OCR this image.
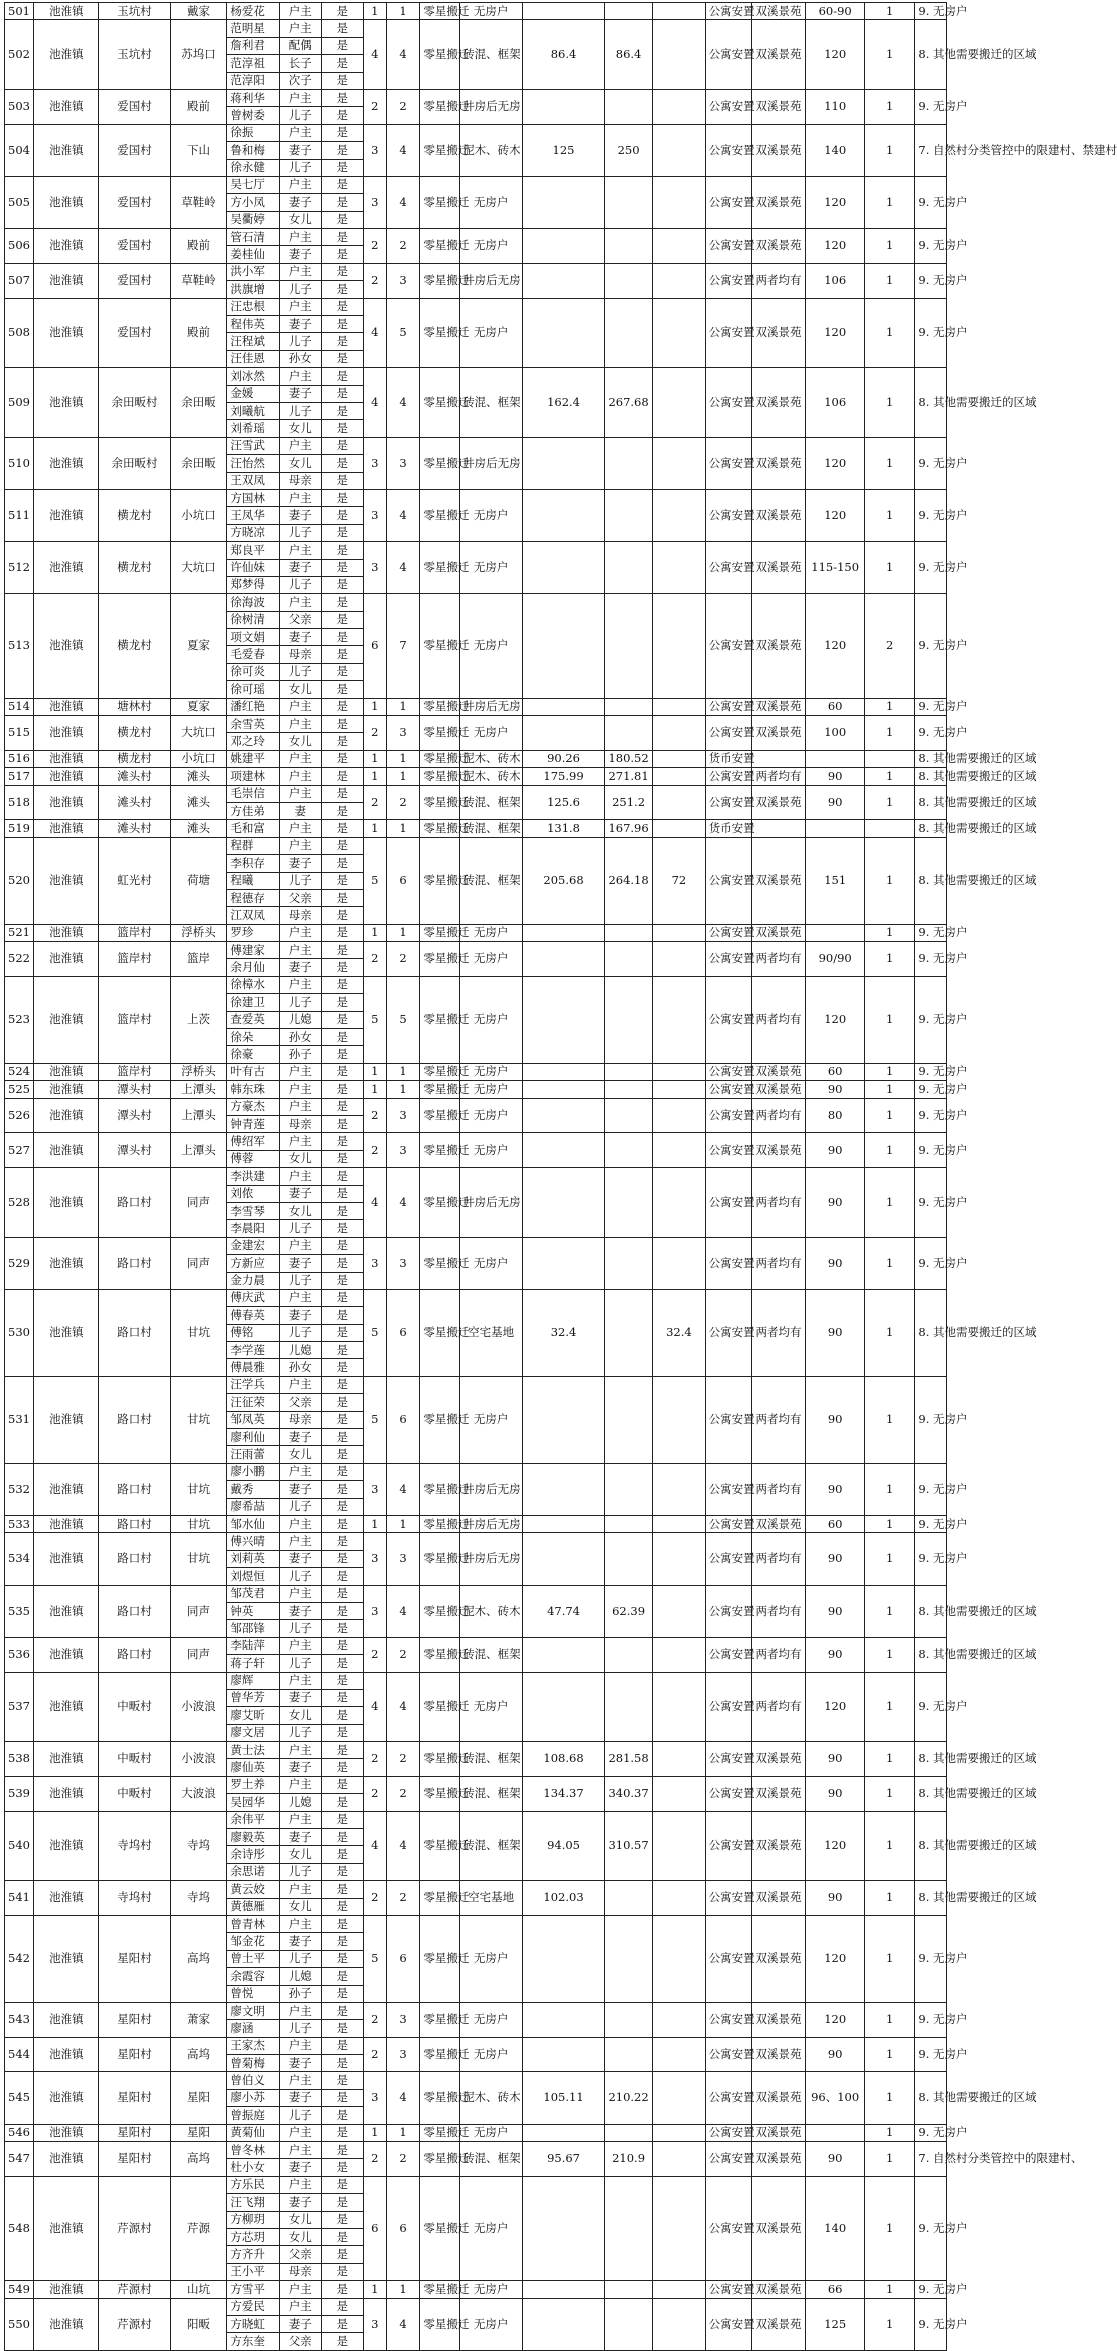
501	池淮镇	玉坑村	戴家	杨爱花	户主	是	1	1	零星搬迁	无房户				公寓安置	双溪景苑	60-90	1	9. 无房户
502	池淮镇	玉坑村	苏坞口	范明星	户主	是	4	4	零星搬迁	砖混、框架	86.4	86.4		公寓安置	双溪景苑	120	1	8. 其他需要搬迁的区域
				詹利君	配偶	是												
				范淳祖	长子	是												
				范淳阳	次子	是												
503	池淮镇	爱国村	殿前	蒋利华	户主	是	2	2	零星搬迁	井房后无房				公寓安置	双溪景苑	110	1	9. 无房户
				曾树委	儿子	是												
504	池淮镇	爱国村	下山	徐振	户主	是	3	4	零星搬迁	泥木、砖木	125	250		公寓安置	双溪景苑	140	1	7. 自然村分类管控中的限建村、禁建村
				鲁和梅	妻子	是												
				徐永健	儿子	是												
505	池淮镇	爱国村	草鞋岭	吴七厅	户主	是	3	4	零星搬迁	无房户				公寓安置	双溪景苑	120	1	9. 无房户
				方小凤	妻子	是												
				吴衢婷	女儿	是												
506	池淮镇	爱国村	殿前	管石清	户主	是	2	2	零星搬迁	无房户				公寓安置	双溪景苑	120	1	9. 无房户
				姜桂仙	妻子	是												
507	池淮镇	爱国村	草鞋岭	洪小军	户主	是	2	3	零星搬迁	井房后无房				公寓安置	两者均有	106	1	9. 无房户
				洪旗增	儿子	是												
508	池淮镇	爱国村	殿前	汪忠根	户主	是	4	5	零星搬迁	无房户				公寓安置	双溪景苑	120	1	9. 无房户
				程伟英	妻子	是												
				汪程斌	儿子	是												
				汪佳恩	孙女	是												
509	池淮镇	余田畈村	余田畈	刘冰然	户主	是	4	4	零星搬迁	砖混、框架	162.4	267.68		公寓安置	双溪景苑	106	1	8. 其他需要搬迁的区域
				金媛	妻子	是												
				刘曦航	儿子	是												
				刘希瑶	女儿	是												
510	池淮镇	余田畈村	余田畈	汪雪武	户主	是	3	3	零星搬迁	井房后无房				公寓安置	双溪景苑	120	1	9. 无房户
				汪怡然	女儿	是												
				王双凤	母亲	是												
511	池淮镇	横龙村	小坑口	方国林	户主	是	3	4	零星搬迁	无房户				公寓安置	双溪景苑	120	1	9. 无房户
				王凤华	妻子	是												
				方晓凉	儿子	是												
512	池淮镇	横龙村	大坑口	郑良平	户主	是	3	4	零星搬迁	无房户				公寓安置	双溪景苑	115-150	1	9. 无房户
				许仙妹	妻子	是												
				郑梦得	儿子	是												
513	池淮镇	横龙村	夏家	徐海波	户主	是	6	7	零星搬迁	无房户				公寓安置	双溪景苑	120	2	9. 无房户
				徐树清	父亲	是												
				项文娟	妻子	是												
				毛爱春	母亲	是												
				徐可炎	儿子	是												
				徐可瑶	女儿	是												
514	池淮镇	塘林村	夏家	潘红艳	户主	是	1	1	零星搬迁	井房后无房				公寓安置	双溪景苑	60	1	9. 无房户
515	池淮镇	横龙村	大坑口	余雪英	户主	是	2	3	零星搬迁	无房户				公寓安置	双溪景苑	100	1	9. 无房户
				邓之玲	女儿	是												
516	池淮镇	横龙村	小坑口	姚建平	户主	是	1	1	零星搬迁	泥木、砖木	90.26	180.52		货币安置				8. 其他需要搬迁的区域
517	池淮镇	滩头村	滩头	项建林	户主	是	1	1	零星搬迁	泥木、砖木	175.99	271.81		公寓安置	两者均有	90	1	8. 其他需要搬迁的区域
518	池淮镇	滩头村	滩头	毛崇信	户主	是	2	2	零星搬迁	砖混、框架	125.6	251.2		公寓安置	双溪景苑	90	1	8. 其他需要搬迁的区域
				方佳弟	妻	是												
519	池淮镇	滩头村	滩头	毛和富	户主	是	1	1	零星搬迁	砖混、框架	131.8	167.96		货币安置				8. 其他需要搬迁的区域
520	池淮镇	虹光村	荷塘	程群	户主	是	5	6	零星搬迁	砖混、框架	205.68	264.18	72	公寓安置	双溪景苑	151	1	8. 其他需要搬迁的区域
				李积存	妻子	是												
				程曦	儿子	是												
				程德存	父亲	是												
				江双凤	母亲	是												
521	池淮镇	篮岸村	浮桥头	罗珍	户主	是	1	1	零星搬迁	无房户				公寓安置	双溪景苑		1	9. 无房户
522	池淮镇	篮岸村	篮岸	傅建家	户主	是	2	2	零星搬迁	无房户				公寓安置	两者均有	90/90	1	9. 无房户
				余月仙	妻子	是												
523	池淮镇	篮岸村	上茨	徐樟水	户主	是	5	5	零星搬迁	无房户				公寓安置	两者均有	120	1	9. 无房户
				徐建卫	儿子	是												
				查爱英	儿媳	是												
				徐朵	孙女	是												
				徐豪	孙子	是												
524	池淮镇	篮岸村	浮桥头	叶有古	户主	是	1	1	零星搬迁	无房户				公寓安置	双溪景苑	60	1	9. 无房户
525	池淮镇	潭头村	上潭头	韩东珠	户主	是	1	1	零星搬迁	无房户				公寓安置	双溪景苑	90	1	9. 无房户
526	池淮镇	潭头村	上潭头	方豪杰	户主	是	2	3	零星搬迁	无房户				公寓安置	两者均有	80	1	9. 无房户
				钟青莲	母亲	是												
527	池淮镇	潭头村	上潭头	傅绍军	户主	是	2	3	零星搬迁	无房户				公寓安置	双溪景苑	90	1	9. 无房户
				傅蓉	女儿	是												
528	池淮镇	路口村	同声	李洪建	户主	是	4	4	零星搬迁	井房后无房				公寓安置	两者均有	90	1	9. 无房户
				刘侬	妻子	是												
				李雪琴	女儿	是												
				李晨阳	儿子	是												
529	池淮镇	路口村	同声	金建宏	户主	是	3	3	零星搬迁	无房户				公寓安置	两者均有	90	1	9. 无房户
				方新应	妻子	是												
				金力晨	儿子	是												
530	池淮镇	路口村	甘坑	傅庆武	户主	是	5	6	零星搬迁	空宅基地	32.4		32.4	公寓安置	两者均有	90	1	8. 其他需要搬迁的区域
				傅春英	妻子	是												
				傅铭	儿子	是												
				李学莲	儿媳	是												
				傅晨雅	孙女	是												
531	池淮镇	路口村	甘坑	汪学兵	户主	是	5	6	零星搬迁	无房户				公寓安置	两者均有	90	1	9. 无房户
				汪征荣	父亲	是												
				邹凤英	母亲	是												
				廖利仙	妻子	是												
				汪雨蕾	女儿	是												
532	池淮镇	路口村	甘坑	廖小鹏	户主	是	3	4	零星搬迁	井房后无房				公寓安置	两者均有	90	1	9. 无房户
				戴秀	妻子	是												
				廖希喆	儿子	是												
533	池淮镇	路口村	甘坑	邹水仙	户主	是	1	1	零星搬迁	井房后无房				公寓安置	双溪景苑	60	1	9. 无房户
534	池淮镇	路口村	甘坑	傅兴晴	户主	是	3	3	零星搬迁	井房后无房				公寓安置	两者均有	90	1	9. 无房户
				刘莉英	妻子	是												
				刘煜恒	儿子	是												
535	池淮镇	路口村	同声	邹茂君	户主	是	3	4	零星搬迁	泥木、砖木	47.74	62.39		公寓安置	两者均有	90	1	8. 其他需要搬迁的区域
				钟英	妻子	是												
				邹邵锋	儿子	是												
536	池淮镇	路口村	同声	李陆萍	户主	是	2	2	零星搬迁	砖混、框架				公寓安置	两者均有	90	1	8. 其他需要搬迁的区域
				蒋子轩	儿子	是												
537	池淮镇	中畈村	小波浪	廖辉	户主	是	4	4	零星搬迁	无房户				公寓安置	两者均有	120	1	9. 无房户
				曾华芳	妻子	是												
				廖艾昕	女儿	是												
				廖文居	儿子	是												
538	池淮镇	中畈村	小波浪	黄士法	户主	是	2	2	零星搬迁	砖混、框架	108.68	281.58		公寓安置	双溪景苑	90	1	8. 其他需要搬迁的区域
				廖仙英	妻子	是												
539	池淮镇	中畈村	大波浪	罗土养	户主	是	2	2	零星搬迁	砖混、框架	134.37	340.37		公寓安置	双溪景苑	90	1	8. 其他需要搬迁的区域
				吴园华	儿媳	是												
540	池淮镇	寺坞村	寺坞	余伟平	户主	是	4	4	零星搬迁	砖混、框架	94.05	310.57		公寓安置	双溪景苑	120	1	8. 其他需要搬迁的区域
				廖毅英	妻子	是												
				余诗彤	女儿	是												
				余思诺	儿子	是												
541	池淮镇	寺坞村	寺坞	黄云姣	户主	是	2	2	零星搬迁	空宅基地	102.03			公寓安置	双溪景苑	90	1	8. 其他需要搬迁的区域
				黄德雁	女儿	是												
542	池淮镇	星阳村	高坞	曾青林	户主	是	5	6	零星搬迁	无房户				公寓安置	双溪景苑	120	1	9. 无房户
				邹金花	妻子	是												
				曾土平	儿子	是												
				余霞容	儿媳	是												
				曾悦	孙子	是												
543	池淮镇	星阳村	萧家	廖文明	户主	是	2	3	零星搬迁	无房户				公寓安置	双溪景苑	120	1	9. 无房户
				廖涵	儿子	是												
544	池淮镇	星阳村	高坞	王家杰	户主	是	2	3	零星搬迁	无房户				公寓安置	双溪景苑	90	1	9. 无房户
				曾菊梅	妻子	是												
545	池淮镇	星阳村	星阳	曾伯义	户主	是	3	4	零星搬迁	泥木、砖木	105.11	210.22		公寓安置	双溪景苑	96、100	1	8. 其他需要搬迁的区域
				廖小苏	妻子	是												
				曾振庭	儿子	是												
546	池淮镇	星阳村	星阳	黄菊仙	户主	是	1	1	零星搬迁	无房户				公寓安置	双溪景苑		1	9. 无房户
547	池淮镇	星阳村	高坞	曾冬林	户主	是	2	2	零星搬迁	砖混、框架	95.67	210.9		公寓安置	双溪景苑	90	1	7. 自然村分类管控中的限建村、
				杜小女	妻子	是												
548	池淮镇	芹源村	芹源	方乐民	户主	是	6	6	零星搬迁	无房户				公寓安置	双溪景苑	140	1	9. 无房户
				汪飞翔	妻子	是												
				方柳玥	女儿	是												
				方芯玥	女儿	是												
				方齐升	父亲	是												
				王小平	母亲	是												
549	池淮镇	芹源村	山坑	方雪平	户主	是	1	1	零星搬迁	无房户				公寓安置	双溪景苑	66	1	9. 无房户
550	池淮镇	芹源村	阳畈	方爱民	户主	是	3	4	零星搬迁	无房户				公寓安置	双溪景苑	125	1	9. 无房户
				方晓虹	妻子	是												
				方东奎	父亲	是												
